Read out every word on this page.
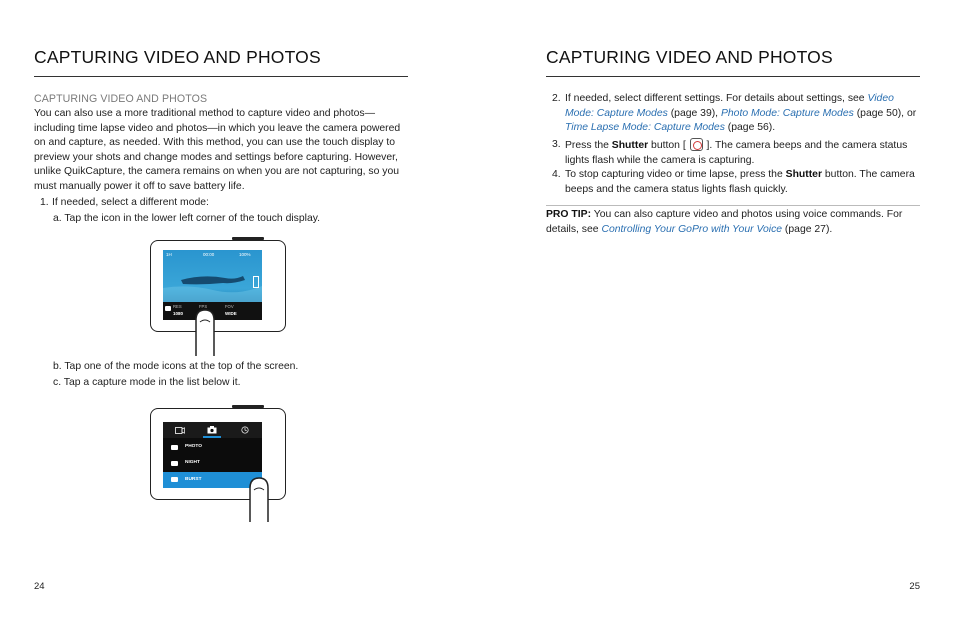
CAPTURING VIDEO AND PHOTOS
CAPTURING VIDEO AND PHOTOS
You can also use a more traditional method to capture video and photos—including time lapse video and photos—in which you leave the camera powered on and capture, as needed. With this method, you can use the touch display to preview your shots and change modes and settings before capturing. However, unlike QuikCapture, the camera remains on when you are not capturing, so you must manually power it off to save battery life.
1. If needed, select a different mode:
a. Tap the icon in the lower left corner of the touch display.
1H	00:00	100%
RES
1080
FPS	FOV
WIDE
b. Tap one of the mode icons at the top of the screen.
c. Tap a capture mode in the list below it.
PHOTO
NIGHT
BURST
24
CAPTURING VIDEO AND PHOTOS
2. If needed, select different settings. For details about settings, see Video Mode: Capture Modes (page 39), Photo Mode: Capture Modes (page 50), or Time Lapse Mode: Capture Modes (page 56).
3. Press the Shutter button [  ]. The camera beeps and the camera status lights flash while the camera is capturing.
4. To stop capturing video or time lapse, press the Shutter button. The camera beeps and the camera status lights flash quickly.
PRO TIP: You can also capture video and photos using voice commands. For details, see Controlling Your GoPro with Your Voice (page 27).
25
